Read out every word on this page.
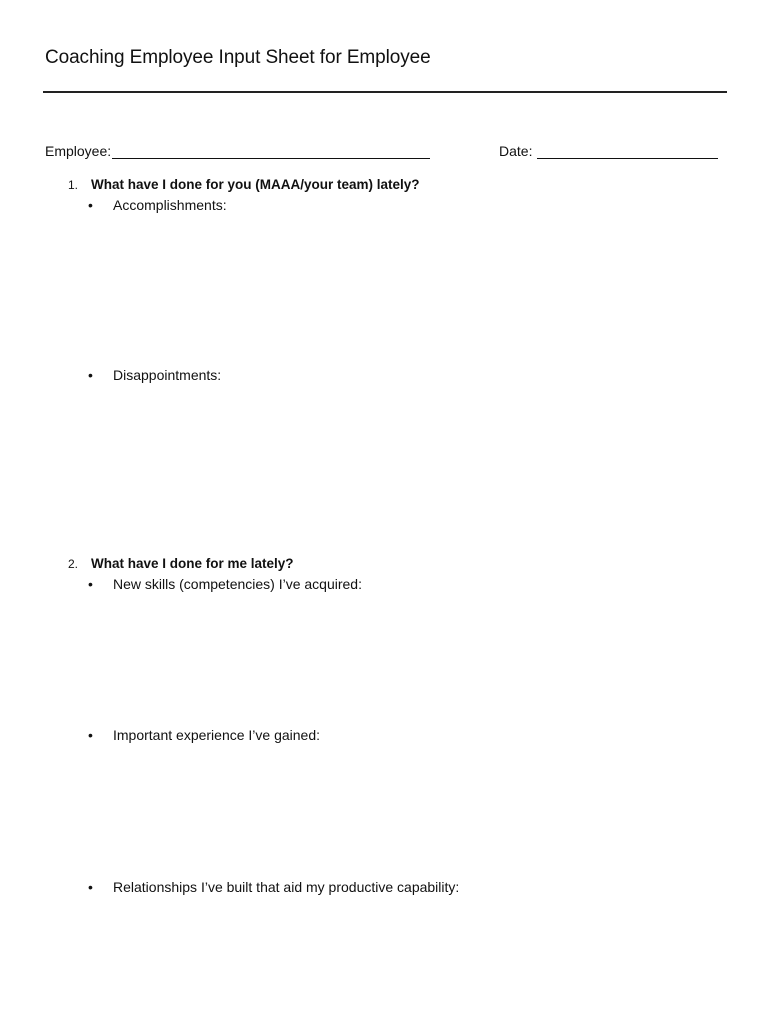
Coaching Employee Input Sheet for Employee
Employee:	Date:
1. What have I done for you (MAAA/your team) lately?
• Accomplishments:
• Disappointments:
2. What have I done for me lately?
• New skills (competencies) I’ve acquired:
• Important experience I’ve gained:
• Relationships I’ve built that aid my productive capability:
